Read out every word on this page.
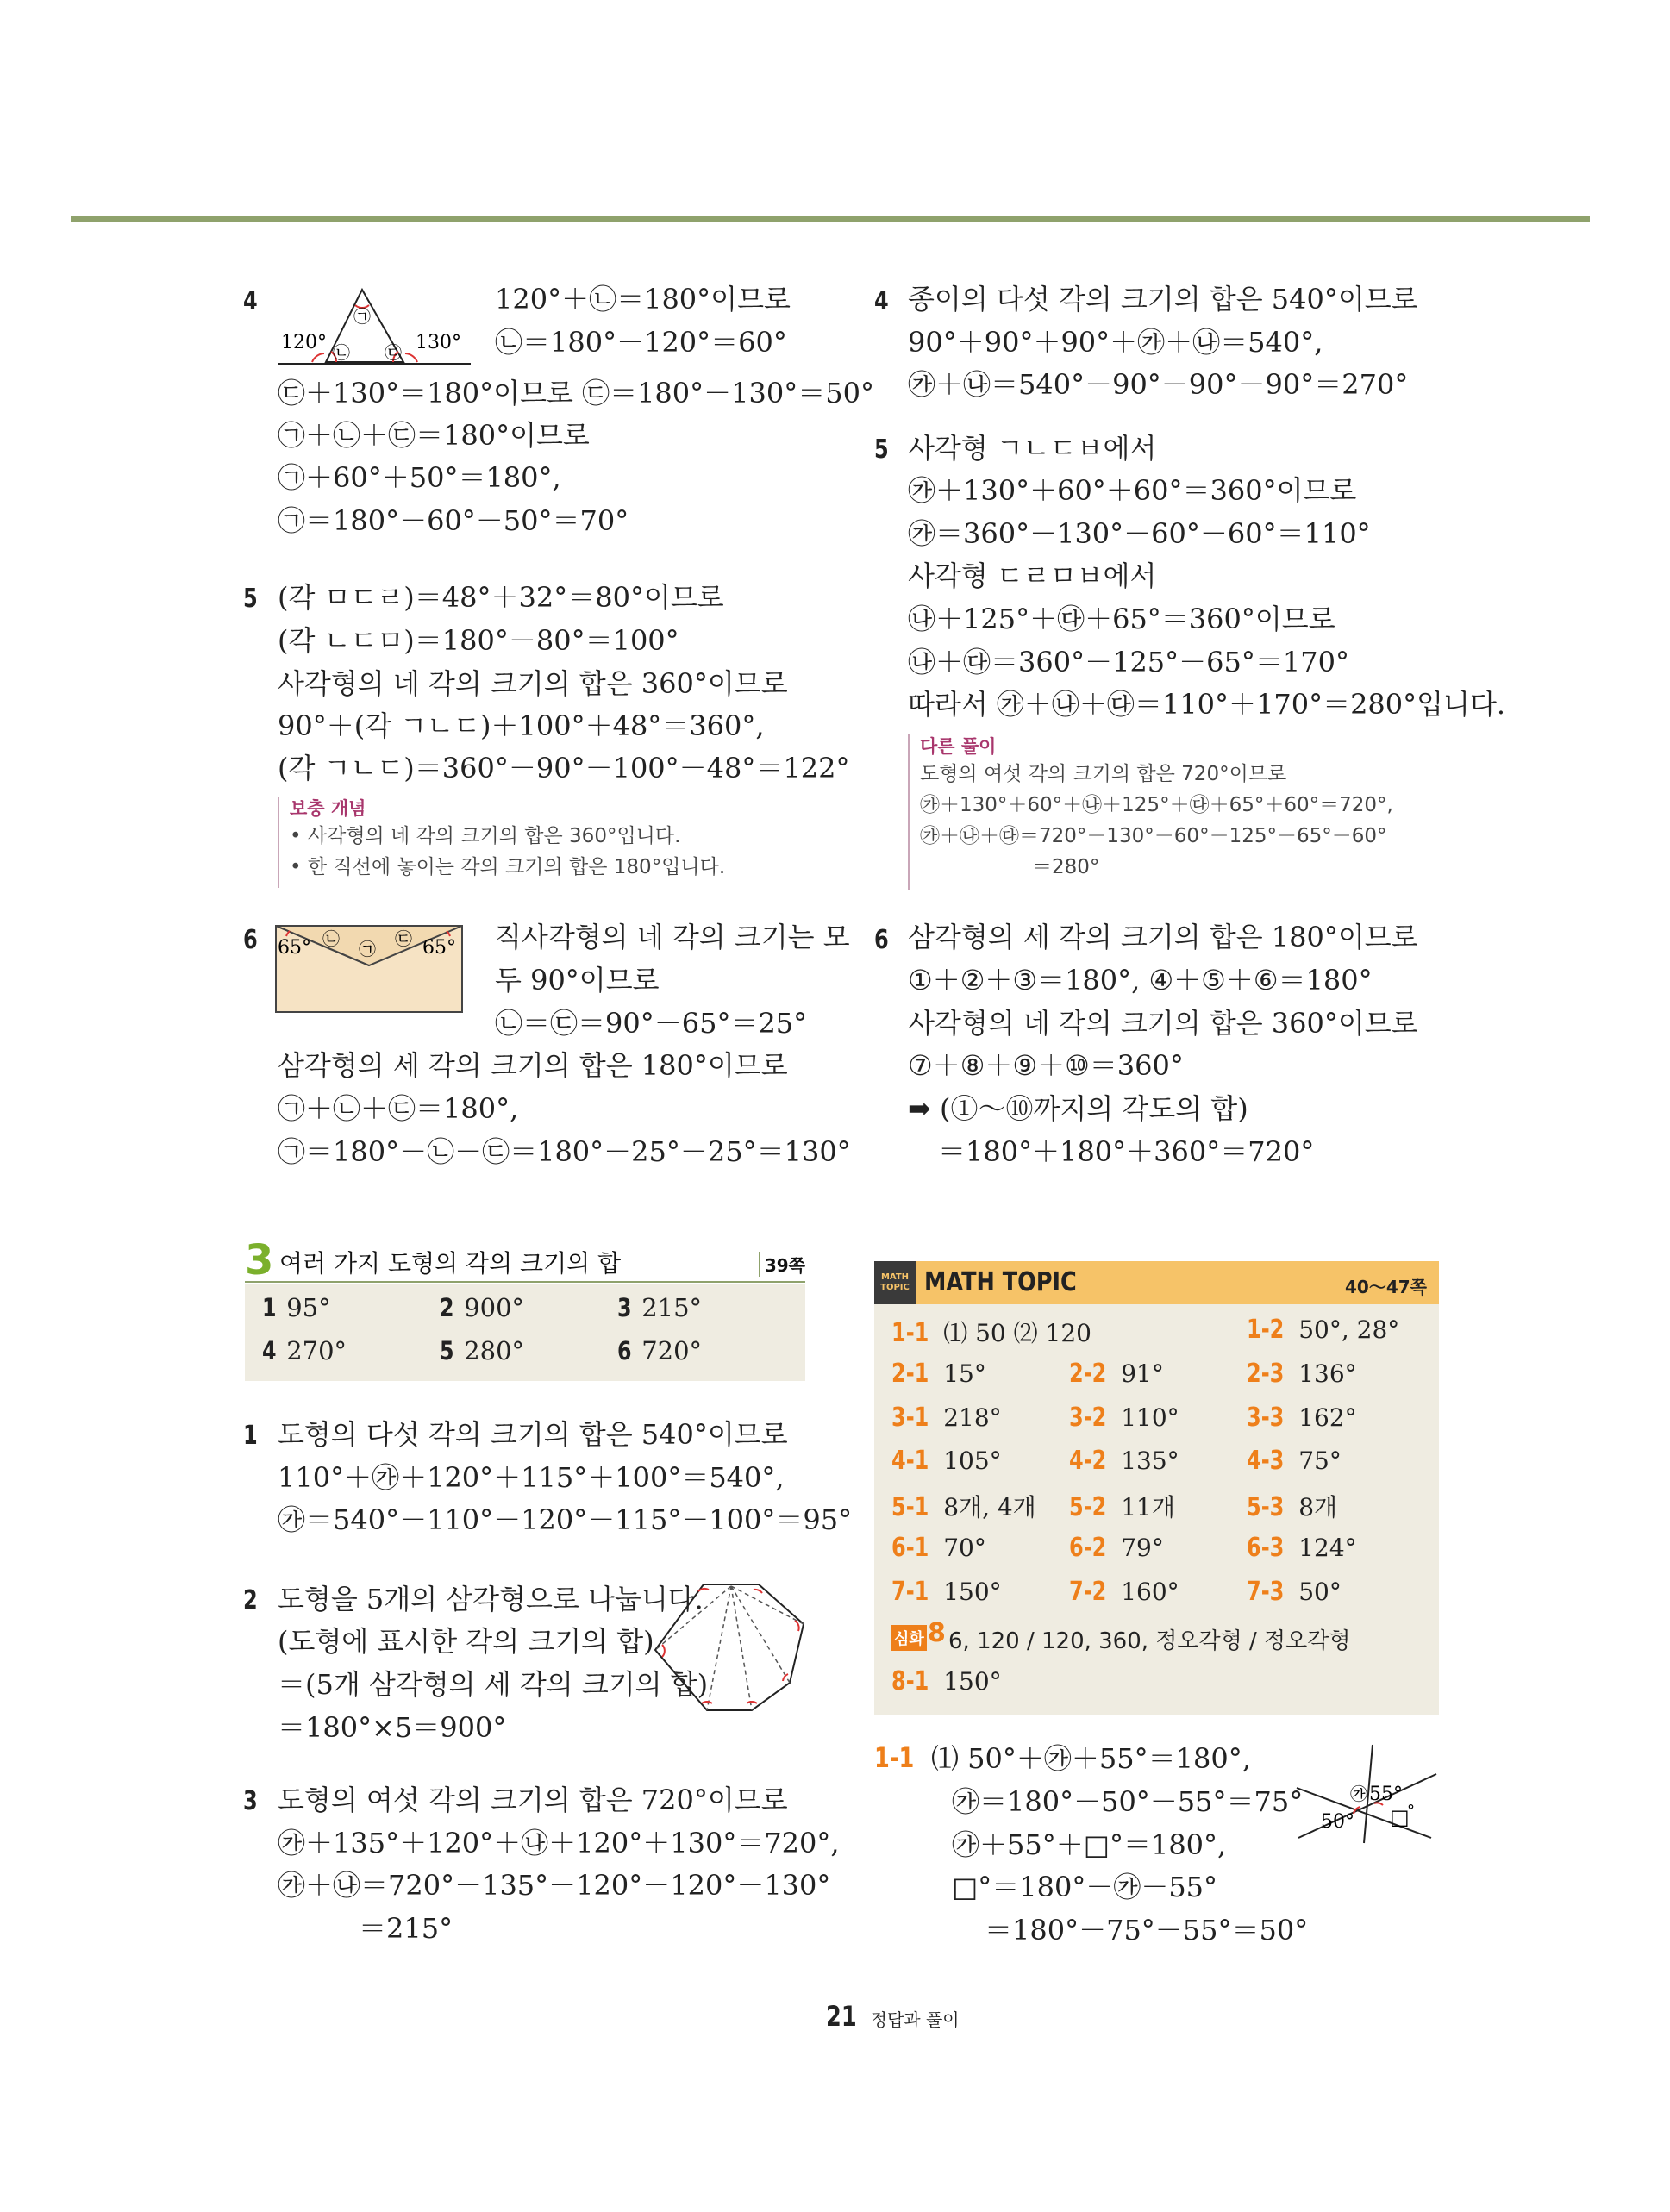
4
120°	130°
㉠
㉡ ㉢
120°＋㉡＝180°이므로
㉡＝180°－120°＝60°
㉢＋130°＝180°이므로 ㉢＝180°－130°＝50°
㉠＋㉡＋㉢＝180°이므로
㉠＋60°＋50°＝180°,
㉠＝180°－60°－50°＝70°
5 (각 ㅁㄷㄹ)＝48°＋32°＝80°이므로
(각 ㄴㄷㅁ)＝180°－80°＝100°
사각형의 네 각의 크기의 합은 360°이므로
90°＋(각 ㄱㄴㄷ)＋100°＋48°＝360°,
(각 ㄱㄴㄷ)＝360°－90°－100°－48°＝122°
보충 개념
• 사각형의 네 각의 크기의 합은 360°입니다.
• 한 직선에 놓이는 각의 크기의 합은 180°입니다.
6 65°	65°
㉡ ㉠ ㉢	직사각형의 네 각의 크기는 모
두 90°이므로
㉡＝㉢＝90°－65°＝25°
삼각형의 세 각의 크기의 합은 180°이므로
㉠＋㉡＋㉢＝180°,
㉠＝180°－㉡－㉢＝180°－25°－25°＝130°
3 여러 가지 도형의 각의 크기의 합	39쪽
1 95°	2 900°	3 215°
4 270°	5 280°	6 720°
1 도형의 다섯 각의 크기의 합은 540°이므로
110°＋㉮＋120°＋115°＋100°＝540°,
㉮＝540°－110°－120°－115°－100°＝95°
2 도형을 5개의 삼각형으로 나눕니다.
(도형에 표시한 각의 크기의 합)
＝(5개 삼각형의 세 각의 크기의 합)
＝180°×5＝900°
3 도형의 여섯 각의 크기의 합은 720°이므로
㉮＋135°＋120°＋㉯＋120°＋130°＝720°,
㉮＋㉯＝720°－135°－120°－120°－130°
＝215°
4 종이의 다섯 각의 크기의 합은 540°이므로
90°＋90°＋90°＋㉮＋㉯＝540°,
㉮＋㉯＝540°－90°－90°－90°＝270°
5 사각형 ㄱㄴㄷㅂ에서
㉮＋130°＋60°＋60°＝360°이므로
㉮＝360°－130°－60°－60°＝110°
사각형 ㄷㄹㅁㅂ에서
㉯＋125°＋㉰＋65°＝360°이므로
㉯＋㉰＝360°－125°－65°＝170°
따라서 ㉮＋㉯＋㉰＝110°＋170°＝280°입니다.
다른 풀이
도형의 여섯 각의 크기의 합은 720°이므로
㉮＋130°＋60°＋㉯＋125°＋㉰＋65°＋60°＝720°,
㉮＋㉯＋㉰＝720°－130°－60°－125°－65°－60°
＝280°
6 삼각형의 세 각의 크기의 합은 180°이므로
①＋②＋③＝180°, ④＋⑤＋⑥＝180°
사각형의 네 각의 크기의 합은 360°이므로
⑦＋⑧＋⑨＋⑩＝360°
➡ (①～⑩까지의 각도의 합)
＝180°＋180°＋360°＝720°
MATH TOPIC MATH TOPIC	40～47쪽
1-1 ⑴ 50 ⑵ 120	1-2 50°, 28°
2-1 15°	2-2 91°	2-3 136°
3-1 218°	3-2 110°	3-3 162°
4-1 105°	4-2 135°	4-3 75°
5-1 8개, 4개 5-2 11개	5-3 8개
6-1 70°	6-2 79°	6-3 124°
7-1 150°	7-2 160°	7-3 50°
심화 8 6, 120 / 120, 360, 정오각형 / 정오각형
8-1 150°
1-1 ⑴ 50°＋㉮＋55°＝180°,
㉮＝180°－50°－55°＝75°
㉮＋55°＋□°＝180°,
□°＝180°－㉮－55°
＝180°－75°－55°＝50°
㉮ 55°
50° □
°
21 정답과 풀이
